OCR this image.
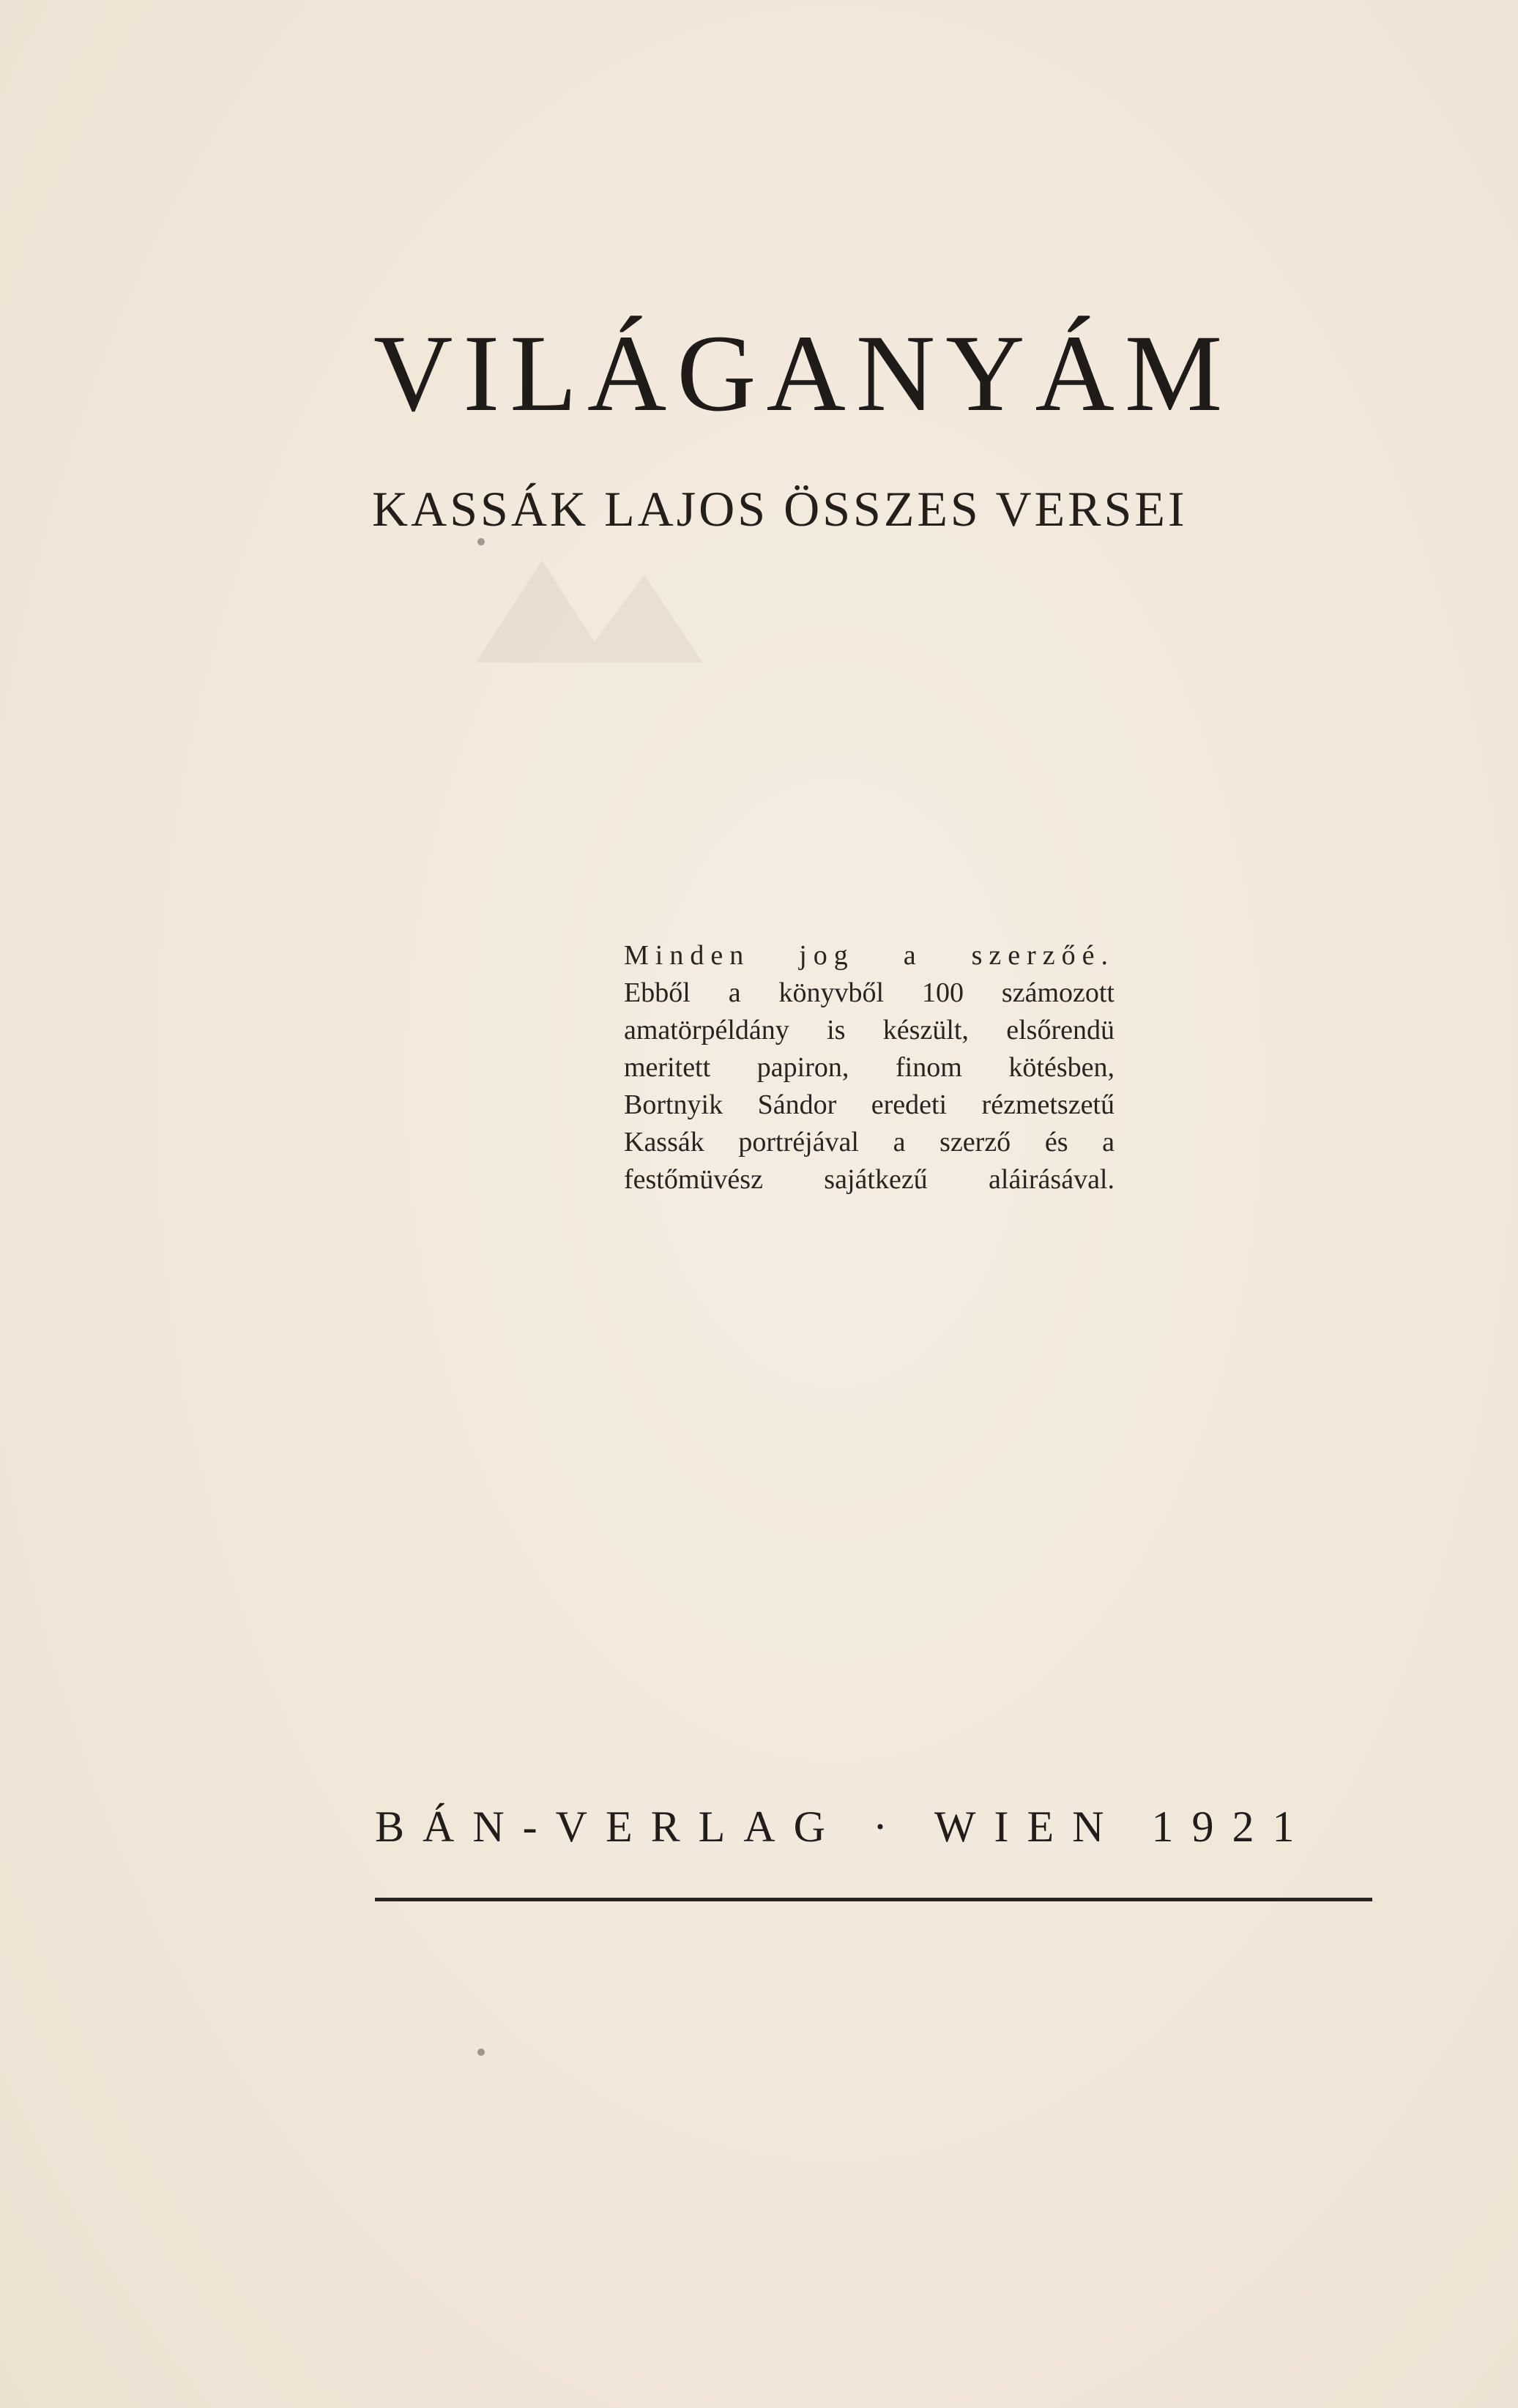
VILÁGANYÁM
KASSÁK LAJOS ÖSSZES VERSEI
Minden jog a szerzőé.
Ebből a könyvből 100 számozott
amatörpéldány is készült, elsőrendü
meritett papiron, finom kötésben,
Bortnyik Sándor eredeti rézmetszetű
Kassák portréjával a szerző és a
festőmüvész sajátkezű aláirásával.
BÁN-VERLAG · WIEN 1921
